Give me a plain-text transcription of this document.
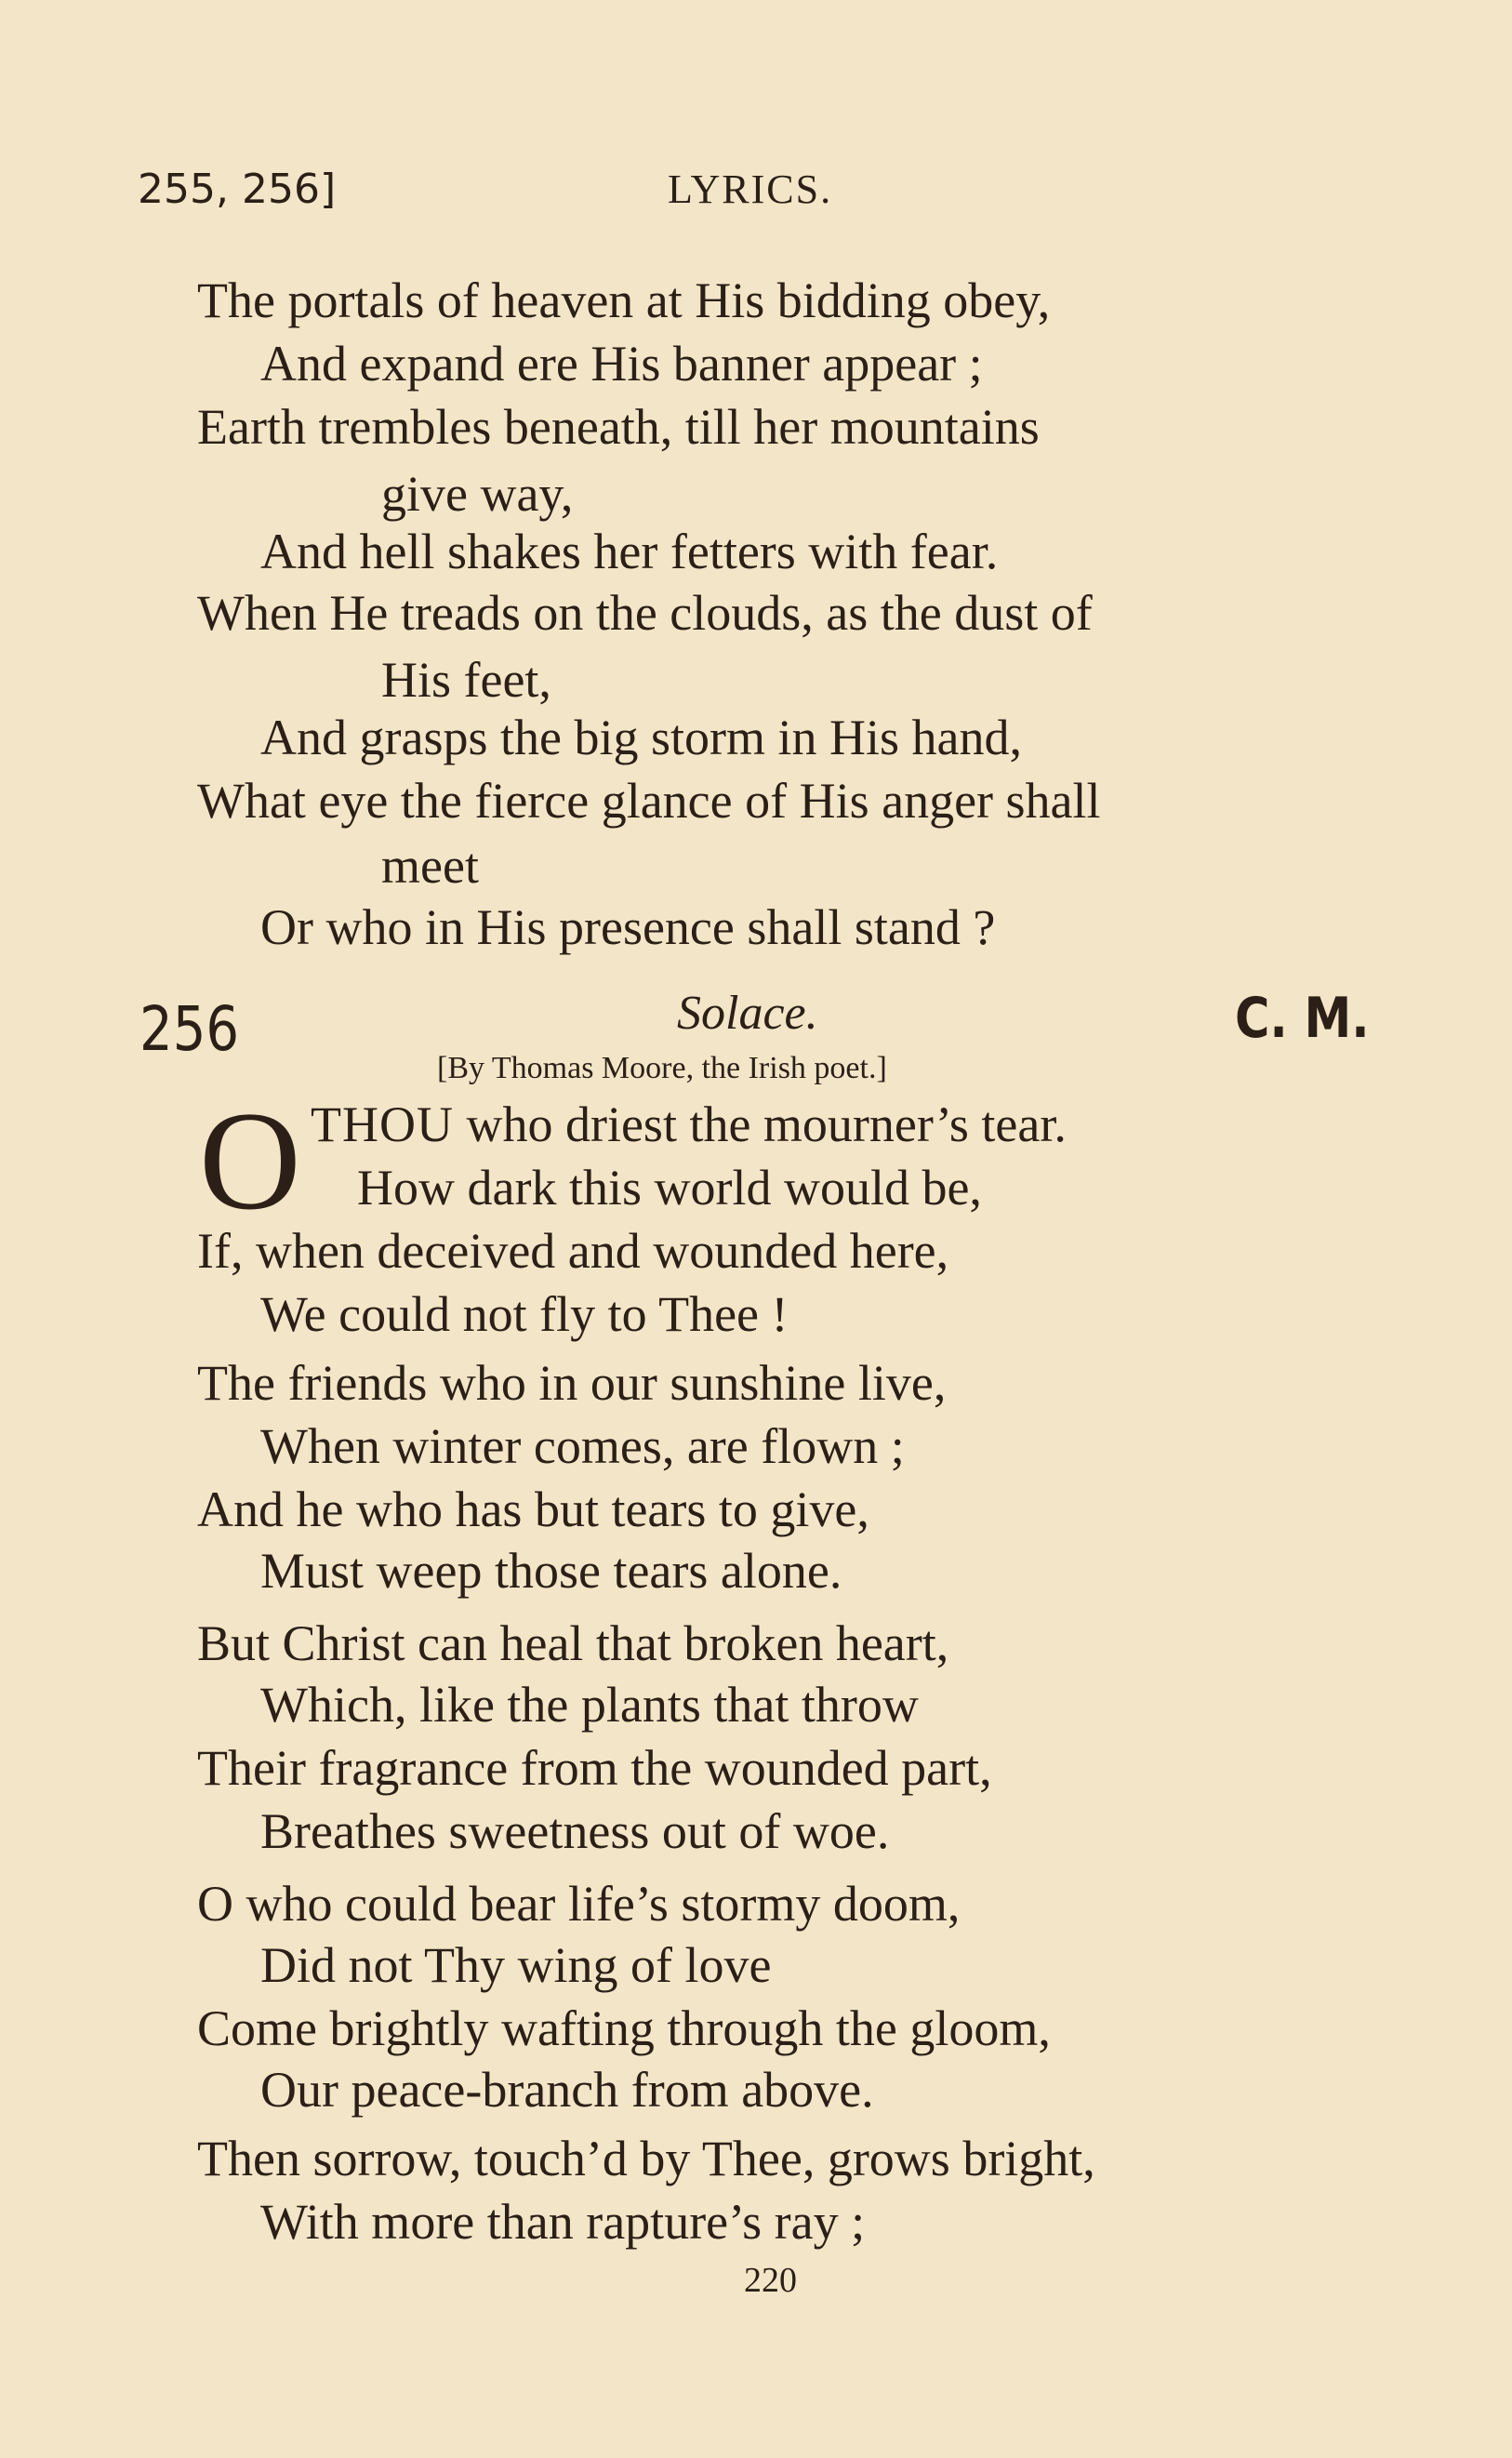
255, 256]	LYRICS.
The portals of heaven at His bidding obey,
And expand ere His banner appear ;
Earth trembles beneath, till her mountains
give way,
And hell shakes her fetters with fear.
When He treads on the clouds, as the dust of
His feet,
And grasps the big storm in His hand,
What eye the fierce glance of His anger shall
meet
Or who in His presence shall stand ?
256	Solace.	C. M.
[By Thomas Moore, the Irish poet.]
O THOU who driest the mourner’s tear.
How dark this world would be,
If, when deceived and wounded here,
We could not fly to Thee !
The friends who in our sunshine live,
When winter comes, are flown ;
And he who has but tears to give,
Must weep those tears alone.
But Christ can heal that broken heart,
Which, like the plants that throw
Their fragrance from the wounded part,
Breathes sweetness out of woe.
O who could bear life’s stormy doom,
Did not Thy wing of love
Come brightly wafting through the gloom,
Our peace-branch from above.
Then sorrow, touch’d by Thee, grows bright,
With more than rapture’s ray ;
220
